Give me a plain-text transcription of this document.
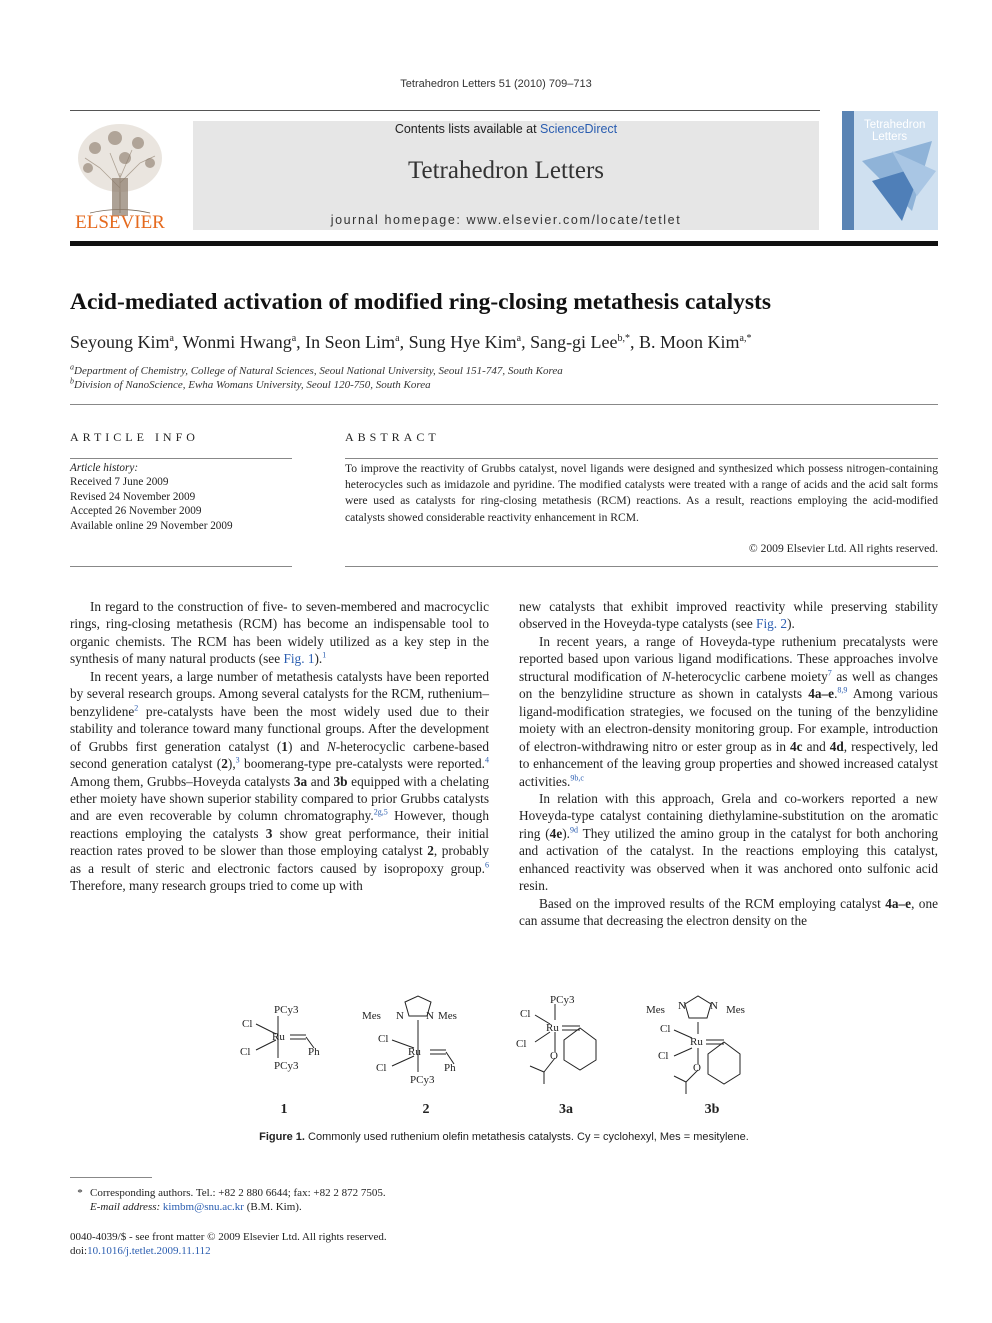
Tetrahedron Letters 51 (2010) 709–713
ELSEVIER
Contents lists available at ScienceDirect
Tetrahedron Letters
journal homepage: www.elsevier.com/locate/tetlet
Tetrahedron
Letters
Acid-mediated activation of modified ring-closing metathesis catalysts
Seyoung Kim$^a$, Wonmi Hwang$^a$, In Seon Lim$^a$, Sung Hye Kim$^a$, Sang-gi Lee$^{b,*}$, B. Moon Kim$^{a,*}$
$^a$Department of Chemistry, College of Natural Sciences, Seoul National University, Seoul 151-747, South Korea
$^b$Division of NanoScience, Ewha Womans University, Seoul 120-750, South Korea
ARTICLE INFO
Article history:
Received 7 June 2009
Revised 24 November 2009
Accepted 26 November 2009
Available online 29 November 2009
ABSTRACT
To improve the reactivity of Grubbs catalyst, novel ligands were designed and synthesized which possess nitrogen-containing heterocycles such as imidazole and pyridine. The modified catalysts were treated with a range of acids and the acid salt forms were used as catalysts for ring-closing metathesis (RCM) reactions. As a result, reactions employing the acid-modified catalysts showed considerable reactivity enhancement in RCM.
© 2009 Elsevier Ltd. All rights reserved.

In regard to the construction of five- to seven-membered and macrocyclic rings, ring-closing metathesis (RCM) has become an indispensable tool to organic chemists. The RCM has been widely utilized as a key step in the synthesis of many natural products (see Fig. 1).$^1$

In recent years, a large number of metathesis catalysts have been reported by several research groups. Among several catalysts for the RCM, ruthenium–benzylidene$^2$ pre-catalysts have been the most widely used due to their stability and tolerance toward many functional groups. After the development of Grubbs first generation catalyst (1) and N-heterocyclic carbene-based second generation catalyst (2),$^3$ boomerang-type pre-catalysts were reported.$^4$ Among them, Grubbs–Hoveyda catalysts 3a and 3b equipped with a chelating ether moiety have shown superior stability compared to prior Grubbs catalysts and are even recoverable by column chromatography.$^{2g,5}$ However, though reactions employing the catalysts 3 show great performance, their initial reaction rates proved to be slower than those employing catalyst 2, probably as a result of steric and electronic factors caused by isopropoxy group.$^6$ Therefore, many research groups tried to come up with

new catalysts that exhibit improved reactivity while preserving stability observed in the Hoveyda-type catalysts (see Fig. 2).

In recent years, a range of Hoveyda-type ruthenium precatalysts were reported based upon various ligand modifications. These approaches involve structural modification of N-heterocyclic carbene moiety$^7$ as well as changes on the benzylidine structure as shown in catalysts 4a–e.$^{8,9}$ Among various ligand-modification strategies, we focused on the tuning of the benzylidine moiety with an electron-density monitoring group. For example, introduction of electron-withdrawing nitro or ester group as in 4c and 4d, respectively, led to enhancement of the leaving group properties and showed increased catalyst activities.$^{9b,c}$

In relation with this approach, Grela and co-workers reported a new Hoveyda-type catalyst containing diethylamine-substitution on the aromatic ring (4e).$^{9d}$ They utilized the amino group in the catalyst for both anchoring and activation of the catalyst. In the reactions employing this catalyst, enhanced reactivity was observed when it was anchored onto sulfonic acid resin.

Based on the improved results of the RCM employing catalyst 4a–e, one can assume that decreasing the electron density on the

PCy3
Cl
Ru
Cl	Ph
PCy3
Mes N N Mes
Cl
Ru
Cl	Ph
PCy3
PCy3
Cl
Ru
Cl
O
Mes N N Mes
Cl
Ru
Cl
O
1	2	3a	3b
Figure 1. Commonly used ruthenium olefin metathesis catalysts. Cy = cyclohexyl, Mes = mesitylene.
* Corresponding authors. Tel.: +82 2 880 6644; fax: +82 2 872 7505.
E-mail address: kimbm@snu.ac.kr (B.M. Kim).
0040-4039/$ - see front matter © 2009 Elsevier Ltd. All rights reserved.
doi:10.1016/j.tetlet.2009.11.112
